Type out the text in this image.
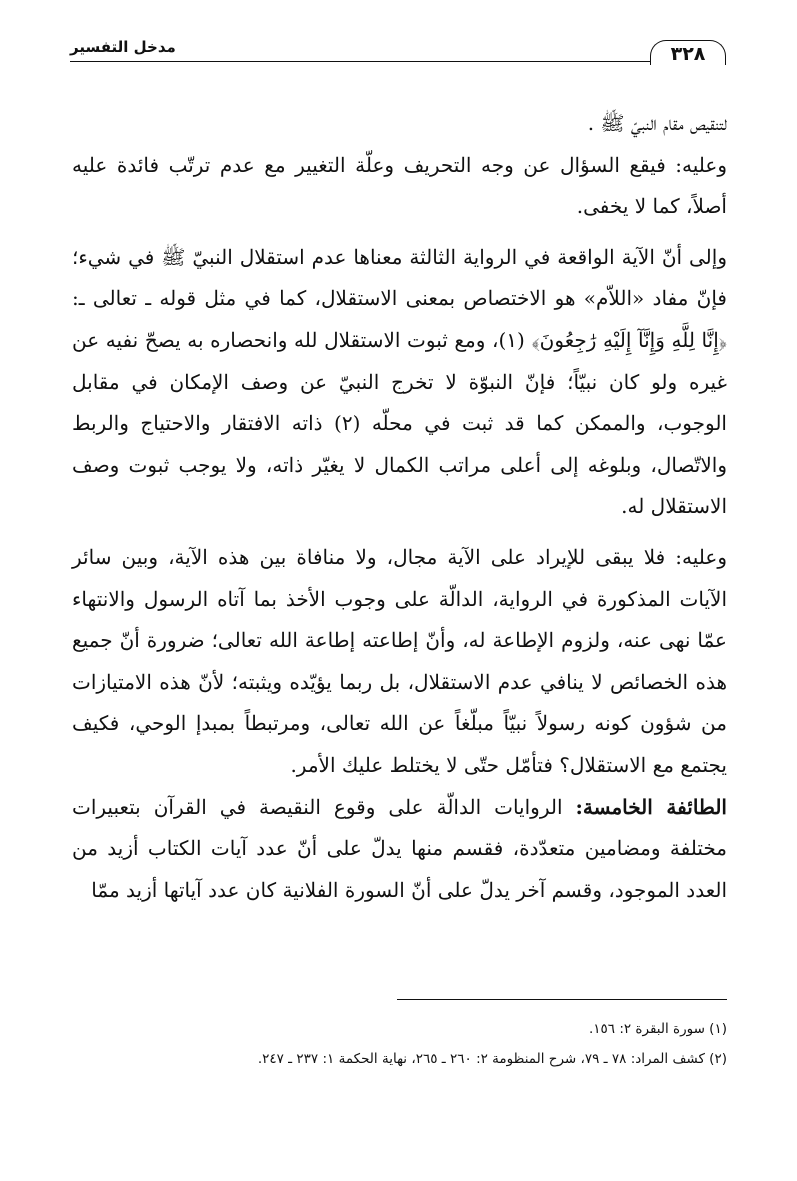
٣٢٨
مدخل التفسير

لتنقيص مقام النبيّ ﷺ .

وعليه: فيقع السؤال عن وجه التحريف وعلّة التغيير مع عدم ترتّب فائدة عليه أصلاً، كما لا يخفى.

وإلى أنّ الآية الواقعة في الرواية الثالثة معناها عدم استقلال النبيّ ﷺ في شيء؛ فإنّ مفاد «اللاّم» هو الاختصاص بمعنى الاستقلال، كما في مثل قوله ـ تعالى ـ: ﴿إِنَّا لِلَّهِ وَإِنَّآ إِلَيْهِ رَٰجِعُونَ﴾ (١)، ومع ثبوت الاستقلال لله وانحصاره به يصحّ نفيه عن غيره ولو كان نبيّاً؛ فإنّ النبوّة لا تخرج النبيّ عن وصف الإمكان في مقابل الوجوب، والممكن كما قد ثبت في محلّه (٢) ذاته الافتقار والاحتياج والربط والاتّصال، وبلوغه إلى أعلى مراتب الكمال لا يغيّر ذاته، ولا يوجب ثبوت وصف الاستقلال له.

وعليه: فلا يبقى للإيراد على الآية مجال، ولا منافاة بين هذه الآية، وبين سائر الآيات المذكورة في الرواية، الدالّة على وجوب الأخذ بما آتاه الرسول والانتهاء عمّا نهى عنه، ولزوم الإطاعة له، وأنّ إطاعته إطاعة الله تعالى؛ ضرورة أنّ جميع هذه الخصائص لا ينافي عدم الاستقلال، بل ربما يؤيّده ويثبته؛ لأنّ هذه الامتيازات من شؤون كونه رسولاً نبيّاً مبلّغاً عن الله تعالى، ومرتبطاً بمبدإ الوحي، فكيف يجتمع مع الاستقلال؟ فتأمّل حتّى لا يختلط عليك الأمر.

الطائفة الخامسة: الروايات الدالّة على وقوع النقيصة في القرآن بتعبيرات مختلفة ومضامين متعدّدة، فقسم منها يدلّ على أنّ عدد آيات الكتاب أزيد من العدد الموجود، وقسم آخر يدلّ على أنّ السورة الفلانية كان عدد آياتها أزيد ممّا

(١) سورة البقرة ٢: ١٥٦.

(٢) كشف المراد: ٧٨ ـ ٧٩، شرح المنظومة ٢: ٢٦٠ ـ ٢٦٥، نهاية الحكمة ١: ٢٣٧ ـ ٢٤٧.
